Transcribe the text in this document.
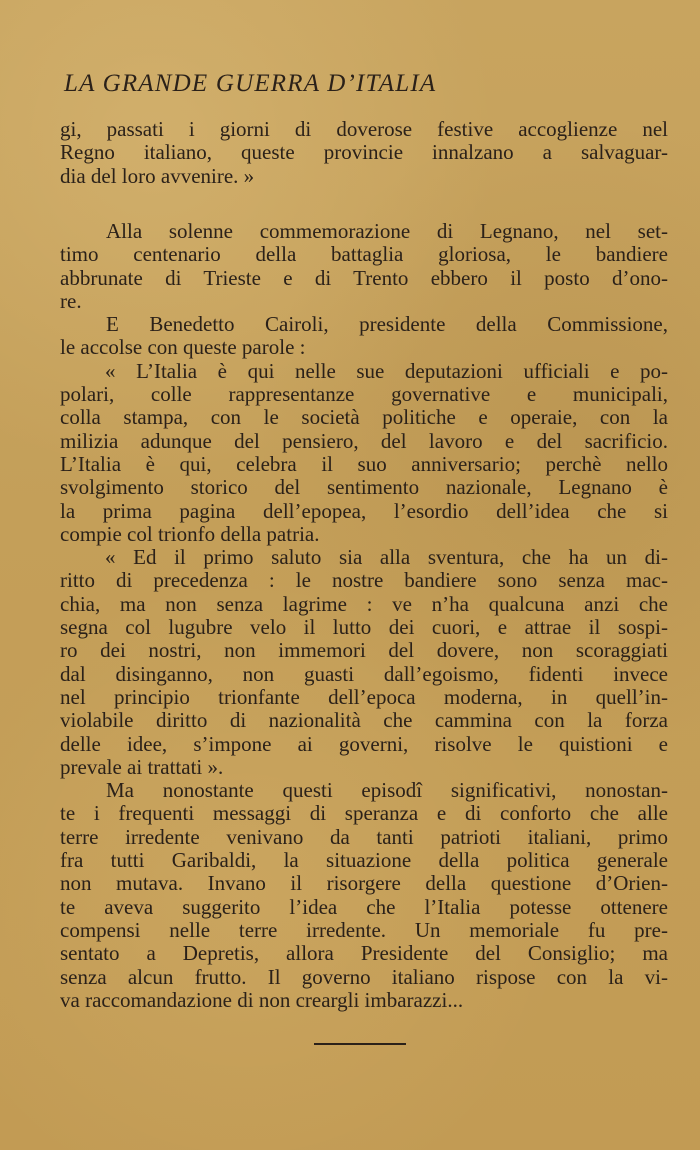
LA GRANDE GUERRA D’ITALIA
gi, passati i giorni di doverose festive accoglienze nel
Regno italiano, queste provincie innalzano a salvaguar-
dia del loro avvenire. »
Alla solenne commemorazione di Legnano, nel set-
timo centenario della battaglia gloriosa, le bandiere
abbrunate di Trieste e di Trento ebbero il posto d’ono-
re.
E Benedetto Cairoli, presidente della Commissione,
le accolse con queste parole :
« L’Italia è qui nelle sue deputazioni ufficiali e po-
polari, colle rappresentanze governative e municipali,
colla stampa, con le società politiche e operaie, con la
milizia adunque del pensiero, del lavoro e del sacrificio.
L’Italia è qui, celebra il suo anniversario; perchè nello
svolgimento storico del sentimento nazionale, Legnano è
la prima pagina dell’epopea, l’esordio dell’idea che si
compie col trionfo della patria.
« Ed il primo saluto sia alla sventura, che ha un di-
ritto di precedenza : le nostre bandiere sono senza mac-
chia, ma non senza lagrime : ve n’ha qualcuna anzi che
segna col lugubre velo il lutto dei cuori, e attrae il sospi-
ro dei nostri, non immemori del dovere, non scoraggiati
dal disinganno, non guasti dall’egoismo, fidenti invece
nel principio trionfante dell’epoca moderna, in quell’in-
violabile diritto di nazionalità che cammina con la forza
delle idee, s’impone ai governi, risolve le quistioni e
prevale ai trattati ».
Ma nonostante questi episodî significativi, nonostan-
te i frequenti messaggi di speranza e di conforto che alle
terre irredente venivano da tanti patrioti italiani, primo
fra tutti Garibaldi, la situazione della politica generale
non mutava. Invano il risorgere della questione d’Orien-
te aveva suggerito l’idea che l’Italia potesse ottenere
compensi nelle terre irredente. Un memoriale fu pre-
sentato a Depretis, allora Presidente del Consiglio; ma
senza alcun frutto. Il governo italiano rispose con la vi-
va raccomandazione di non creargli imbarazzi...
